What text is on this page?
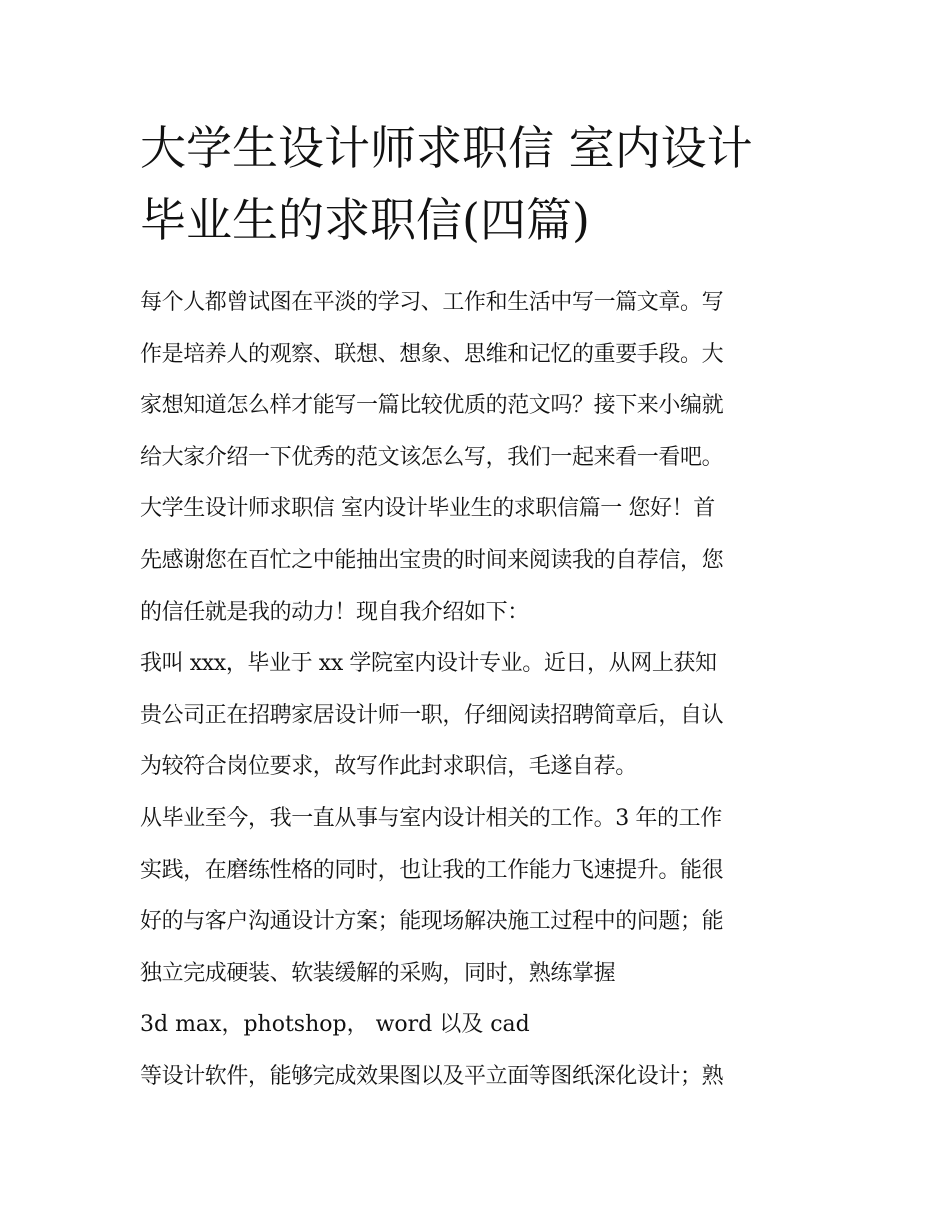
大学生设计师求职信 室内设计
毕业生的求职信(四篇)
每个人都曾试图在平淡的学习、工作和生活中写一篇文章。写
作是培养人的观察、联想、想象、思维和记忆的重要手段。大
家想知道怎么样才能写一篇比较优质的范文吗？接下来小编就
给大家介绍一下优秀的范文该怎么写，我们一起来看一看吧。
大学生设计师求职信 室内设计毕业生的求职信篇一 您好！首
先感谢您在百忙之中能抽出宝贵的时间来阅读我的自荐信，您
的信任就是我的动力！现自我介绍如下：
我叫 xxx，毕业于 xx 学院室内设计专业。近日，从网上获知
贵公司正在招聘家居设计师一职，仔细阅读招聘简章后，自认
为较符合岗位要求，故写作此封求职信，毛遂自荐。
从毕业至今，我一直从事与室内设计相关的工作。3 年的工作
实践，在磨练性格的同时，也让我的工作能力飞速提升。能很
好的与客户沟通设计方案；能现场解决施工过程中的问题；能
独立完成硬装、软装缓解的采购，同时，熟练掌握
3d max，photshop， word 以及 cad
等设计软件，能够完成效果图以及平立面等图纸深化设计；熟
